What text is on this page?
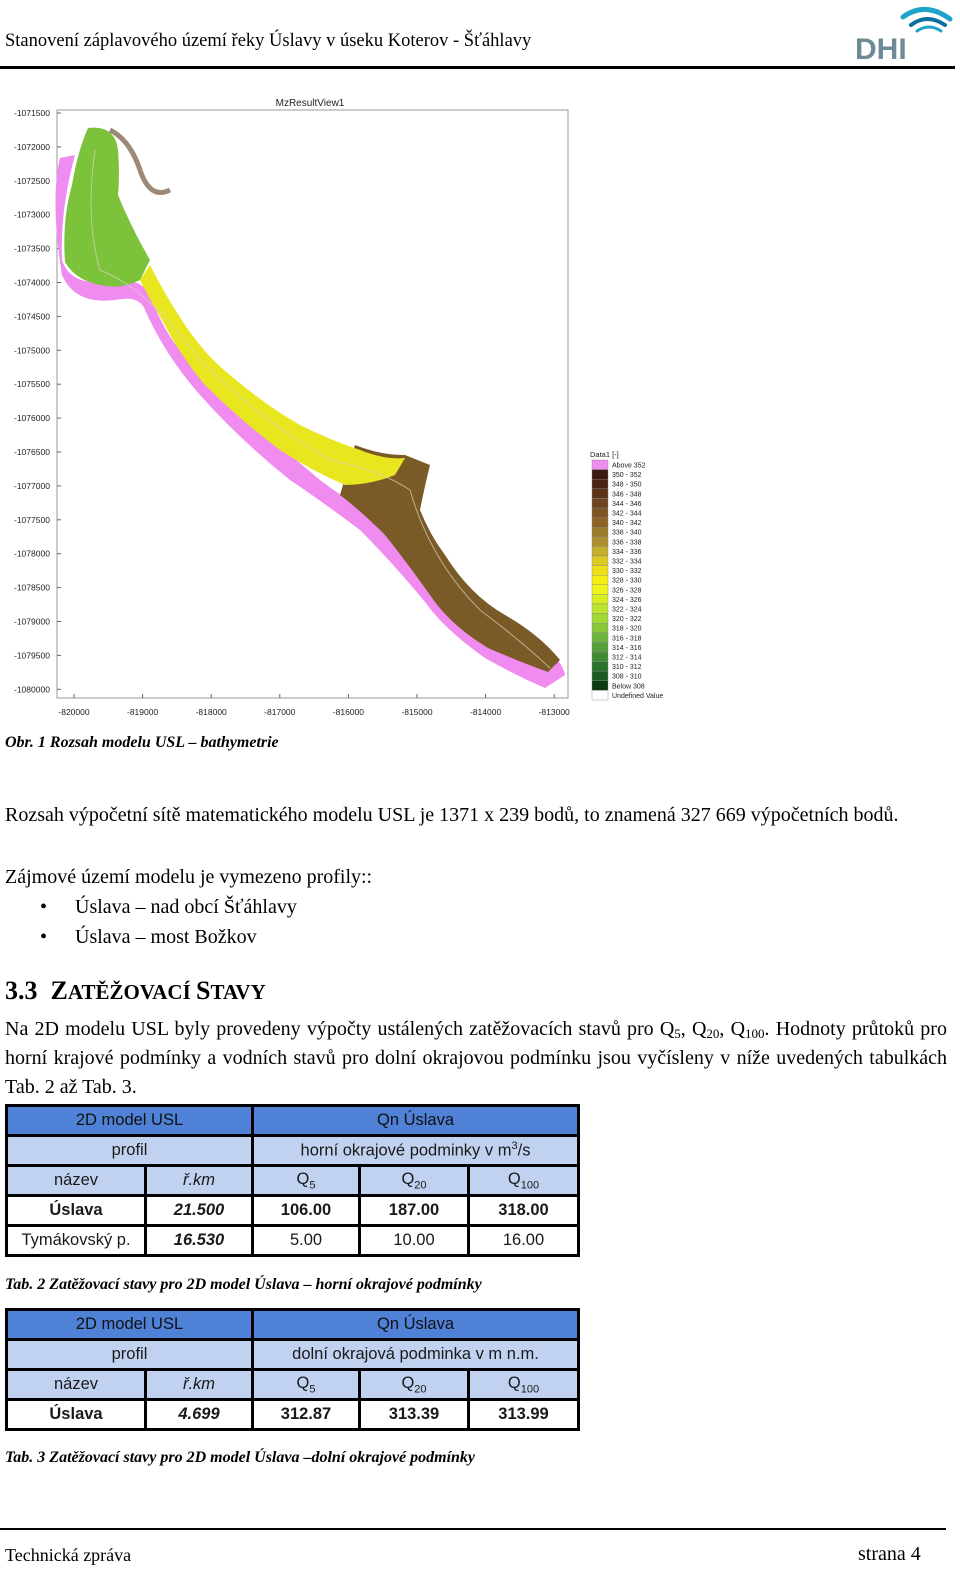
Stanovení záplavového území řeky Úslavy v úseku Koterov - Šťáhlavy	DHI
MzResultView1
-1071500
-1072000
-1072500
-1073000
-1073500
-1074000
-1074500
-1075000
-1075500
-1076000
-1076500
-1077000
-1077500
-1078000
-1078500
-1079000
-1079500
-1080000
-820000	-819000	-818000	-817000	-816000	-815000	-814000	-813000
Data1 [-]
Above 352
350 - 352
348 - 350
346 - 348
344 - 346
342 - 344
340 - 342
338 - 340
336 - 338
334 - 336
332 - 334
330 - 332
328 - 330
326 - 328
324 - 326
322 - 324
320 - 322
318 - 320
316 - 318
314 - 316
312 - 314
310 - 312
308 - 310
Below 308
Undefined Value
Obr. 1 Rozsah modelu USL – bathymetrie
Rozsah výpočetní sítě matematického modelu USL je 1371 x 239 bodů, to znamená 327 669 výpočetních bodů.
Zájmové území modelu je vymezeno profily::
• Úslava – nad obcí Šťáhlavy
• Úslava – most Božkov
3.3 ZATĚŽOVACÍ STAVY
Na 2D modelu USL byly provedeny výpočty ustálených zatěžovacích stavů pro $Q_5$, $Q_{20}$, $Q_{100}$. Hodnoty průtoků pro horní krajové podmínky a vodních stavů pro dolní okrajovou podmínku jsou vyčísleny v níže uvedených tabulkách Tab. 2 až Tab. 3.
2D model USL		Qn Úslava		
profil		horní okrajové podminky v $m^3/s$		
název	ř.km	$Q_5$	$Q_{20}$	$Q_{100}$
Úslava	21.500	106.00	187.00	318.00
Tymákovský p.	16.530	5.00	10.00	16.00
Tab. 2 Zatěžovací stavy pro 2D model Úslava – horní okrajové podmínky
2D model USL		Qn Úslava		
profil		dolní okrajová podminka v m n.m.		
název	ř.km	$Q_5$	$Q_{20}$	$Q_{100}$
Úslava	4.699	312.87	313.39	313.99
Tab. 3 Zatěžovací stavy pro 2D model Úslava –dolní okrajové podmínky
Technická zpráva	strana 4
